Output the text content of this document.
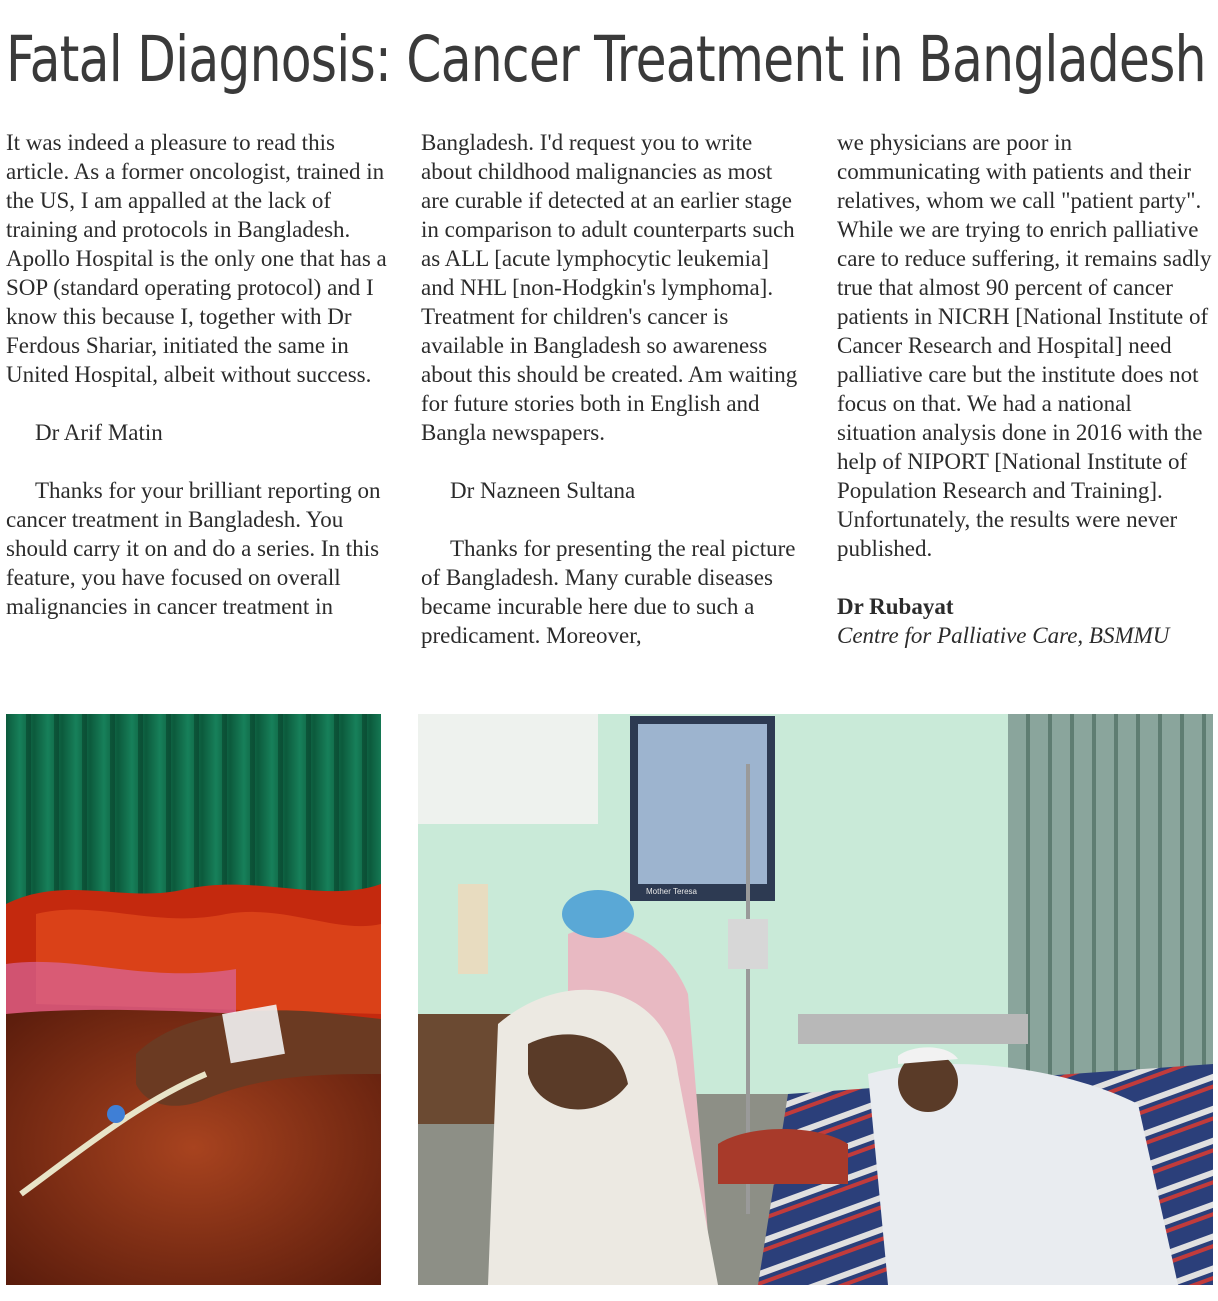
Fatal Diagnosis: Cancer Treatment in Bangladesh

It was indeed a pleasure to read this article. As a former oncologist, trained in the US, I am appalled at the lack of training and protocols in Bangladesh. Apollo Hospital is the only one that has a SOP (standard operating protocol) and I know this because I, together with Dr Ferdous Shariar, initiated the same in United Hospital, albeit without success.

Dr Arif Matin

Thanks for your brilliant reporting on cancer treatment in Bangladesh. You should carry it on and do a series. In this feature, you have focused on overall malignancies in cancer treatment in

Bangladesh. I'd request you to write about childhood malignancies as most are curable if detected at an earlier stage in comparison to adult counterparts such as ALL [acute lymphocytic leukemia] and NHL [non-Hodgkin's lymphoma]. Treatment for children's cancer is available in Bangladesh so awareness about this should be created. Am waiting for future stories both in English and Bangla newspapers.

Dr Nazneen Sultana

Thanks for presenting the real picture of Bangladesh. Many curable diseases became incurable here due to such a predicament. Moreover,

we physicians are poor in communicating with patients and their relatives, whom we call "patient party". While we are trying to enrich palliative care to reduce suffering, it remains sadly true that almost 90 percent of cancer patients in NICRH [National Institute of Cancer Research and Hospital] need palliative care but the institute does not focus on that. We had a national situation analysis done in 2016 with the help of NIPORT [National Institute of Population Research and Training]. Unfortunately, the results were never published.

Dr Rubayat

Centre for Palliative Care, BSMMU

Mother Teresa
